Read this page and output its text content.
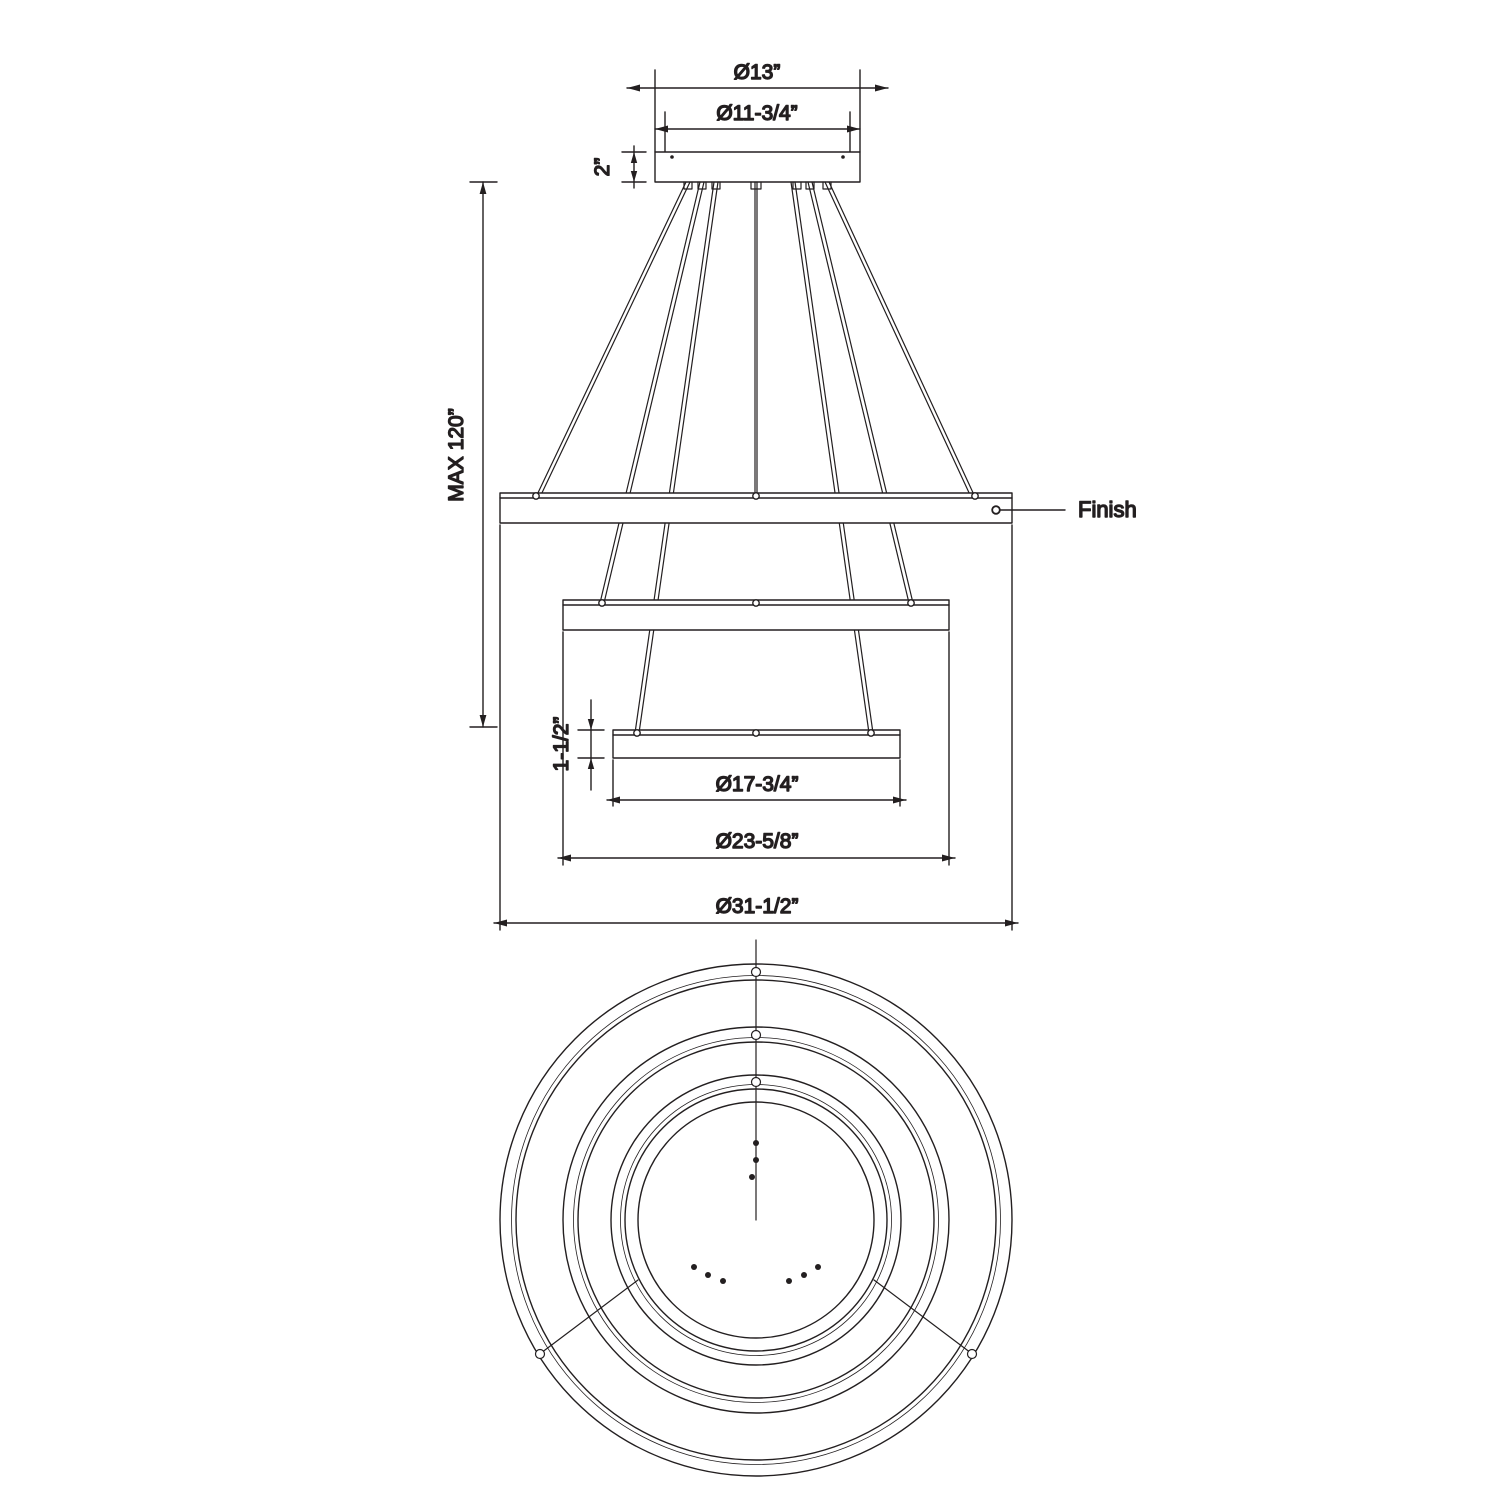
Ø13”
Ø11-3/4”
2”
MAX 120”
1-1/2”
Ø17-3/4”
Ø23-5/8”
Ø31-1/2”
Finish
